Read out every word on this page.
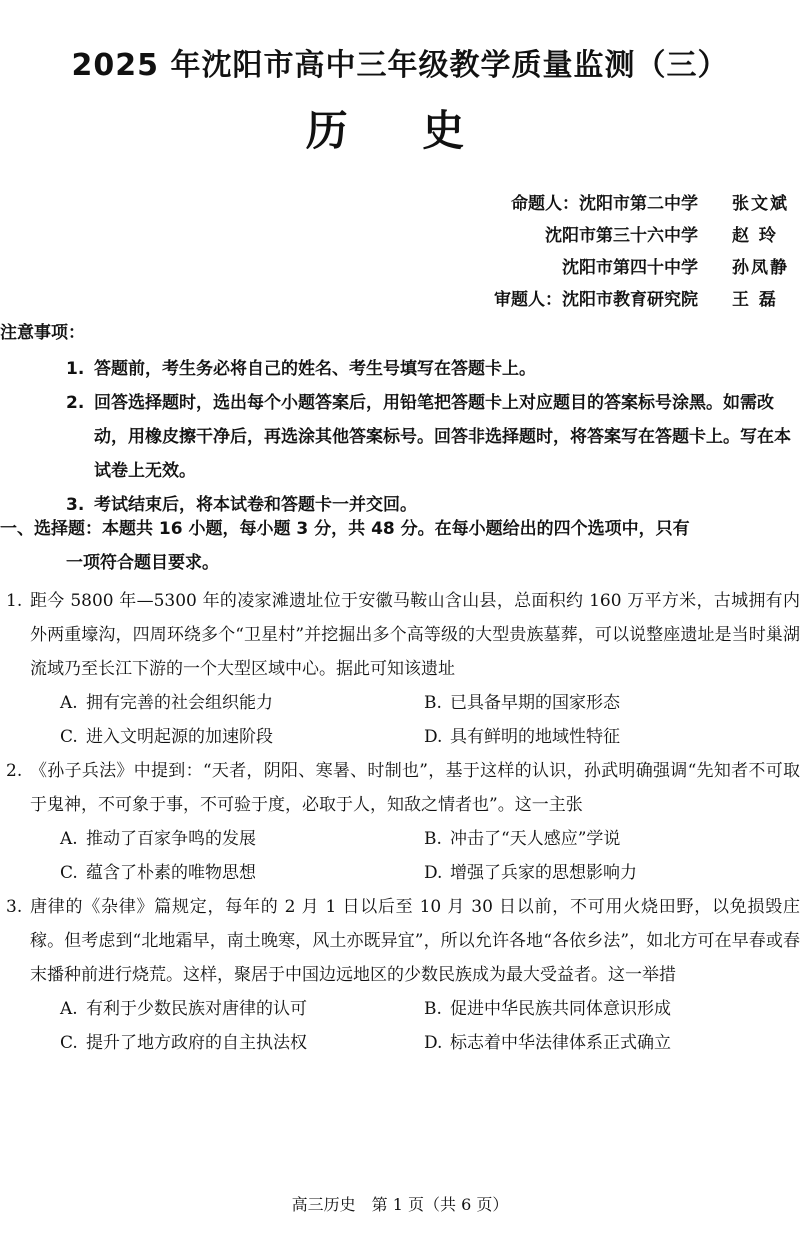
2025 年沈阳市高中三年级教学质量监测（三）
历 史
命题人：沈阳市第二中学	张文斌
沈阳市第三十六中学	赵 玲
沈阳市第四十中学	孙凤静
审题人：沈阳市教育研究院	王 磊
注意事项：
1. 答题前，考生务必将自己的姓名、考生号填写在答题卡上。
2. 回答选择题时，选出每个小题答案后，用铅笔把答题卡上对应题目的答案标号涂黑。如需改动，用橡皮擦干净后，再选涂其他答案标号。回答非选择题时，将答案写在答题卡上。写在本试卷上无效。
3. 考试结束后，将本试卷和答题卡一并交回。
一、选择题：本题共 16 小题，每小题 3 分，共 48 分。在每小题给出的四个选项中，只有
一项符合题目要求。
1. 距今 5800 年—5300 年的凌家滩遗址位于安徽马鞍山含山县，总面积约 160 万平方米，古城拥有内外两重壕沟，四周环绕多个“卫星村”并挖掘出多个高等级的大型贵族墓葬，可以说整座遗址是当时巢湖流域乃至长江下游的一个大型区域中心。据此可知该遗址
A. 拥有完善的社会组织能力	B. 已具备早期的国家形态
C. 进入文明起源的加速阶段	D. 具有鲜明的地域性特征
2. 《孙子兵法》中提到：“天者，阴阳、寒暑、时制也”，基于这样的认识，孙武明确强调“先知者不可取于鬼神，不可象于事，不可验于度，必取于人，知敌之情者也”。这一主张
A. 推动了百家争鸣的发展	B. 冲击了“天人感应”学说
C. 蕴含了朴素的唯物思想	D. 增强了兵家的思想影响力
3. 唐律的《杂律》篇规定，每年的 2 月 1 日以后至 10 月 30 日以前，不可用火烧田野，以免损毁庄稼。但考虑到“北地霜早，南土晚寒，风土亦既异宜”，所以允许各地“各依乡法”，如北方可在早春或春末播种前进行烧荒。这样，聚居于中国边远地区的少数民族成为最大受益者。这一举措
A. 有利于少数民族对唐律的认可	B. 促进中华民族共同体意识形成
C. 提升了地方政府的自主执法权	D. 标志着中华法律体系正式确立
高三历史　第 1 页（共 6 页）
